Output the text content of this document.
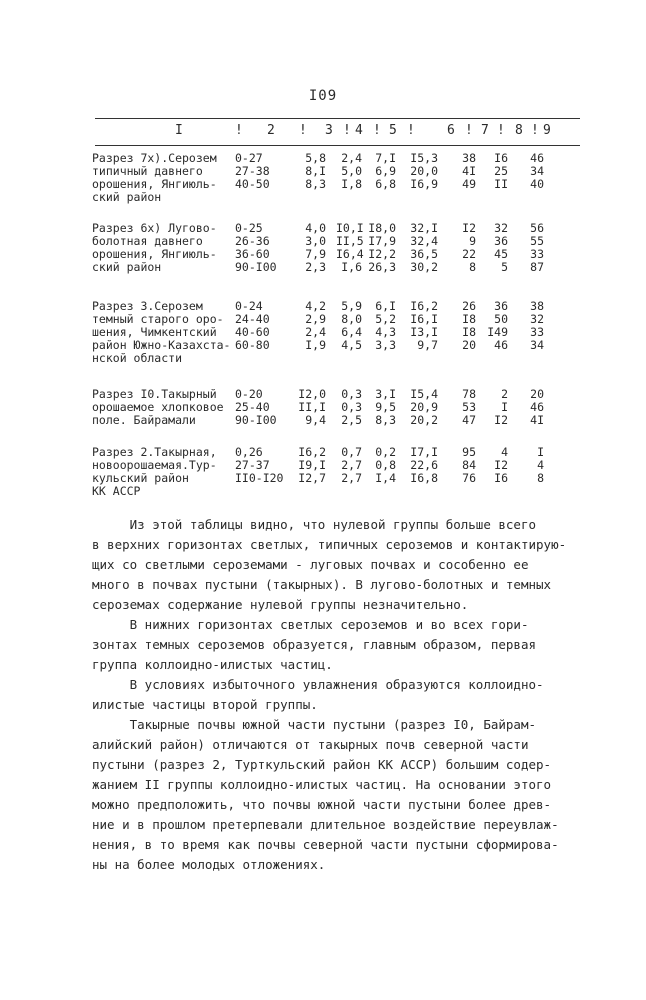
I09
I	! 2 ! 3 ! 4 ! 5 ! 6 ! 7 ! 8 ! 9
Разрез 7х).Серозем
типичный давнего
орошения, Янгиюль-
ский район
0-27
27-38
40-50
5,8
8,I
8,3
2,4
5,0
I,8
7,I
6,9
6,8
I5,3
20,0
I6,9
38
4I
49
I6
25
II
46
34
40
Разрез 6х) Лугово-
болотная давнего
орошения, Янгиюль-
ский район
0-25
26-36
36-60
90-I00
4,0
3,0
7,9
2,3
I0,I
II,5
I6,4
I,6
I8,0
I7,9
I2,2
26,3
32,I
32,4
36,5
30,2
I2
9
22
8
32
36
45
5
56
55
33
87
Разрез 3.Серозем
темный старого оро-
шения, Чимкентский
район Южно-Казахста-
нской области
0-24
24-40
40-60
60-80
4,2
2,9
2,4
I,9
5,9
8,0
6,4
4,5
6,I
5,2
4,3
3,3
I6,2
I6,I
I3,I
9,7
26
I8
I8
20
36
50
I49
46
38
32
33
34
Разрез I0.Такырный
орошаемое хлопковое
поле. Байрамали
0-20
25-40
90-I00
I2,0
II,I
9,4
0,3
0,3
2,5
3,I
9,5
8,3
I5,4
20,9
20,2
78
53
47
2
I
I2
20
46
4I
Разрез 2.Такырная,
новоорошаемая.Тур-
кульский район
КК АССР
0,26
27-37
II0-I20
I6,2
I9,I
I2,7
0,7
2,7
2,7
0,2
0,8
I,4
I7,I
22,6
I6,8
95
84
76
4
I2
I6
I
4
8

Из этой таблицы видно, что нулевой группы больше всего

в верхних горизонтах светлых, типичных сероземов и контактирую-

щих со светлыми сероземами - луговых почвах и сособенно ее

много в почвах пустыни (такырных). В лугово-болотных и темных

сероземах содержание нулевой группы незначительно.

В нижних горизонтах светлых сероземов и во всех гори-

зонтах темных сероземов образуется, главным образом, первая

группа коллоидно-илистых частиц.

В условиях избыточного увлажнения образуются коллоидно-

илистые частицы второй группы.

Такырные почвы южной части пустыни (разрез I0, Байрам-

алийский район) отличаются от такырных почв северной части

пустыни (разрез 2, Турткульский район КК АССР) большим содер-

жанием II группы коллоидно-илистых частиц. На основании этого

можно предположить, что почвы южной части пустыни более древ-

ние и в прошлом претерпевали длительное воздействие переувлаж-

нения, в то время как почвы северной части пустыни сформирова-

ны на более молодых отложениях.
